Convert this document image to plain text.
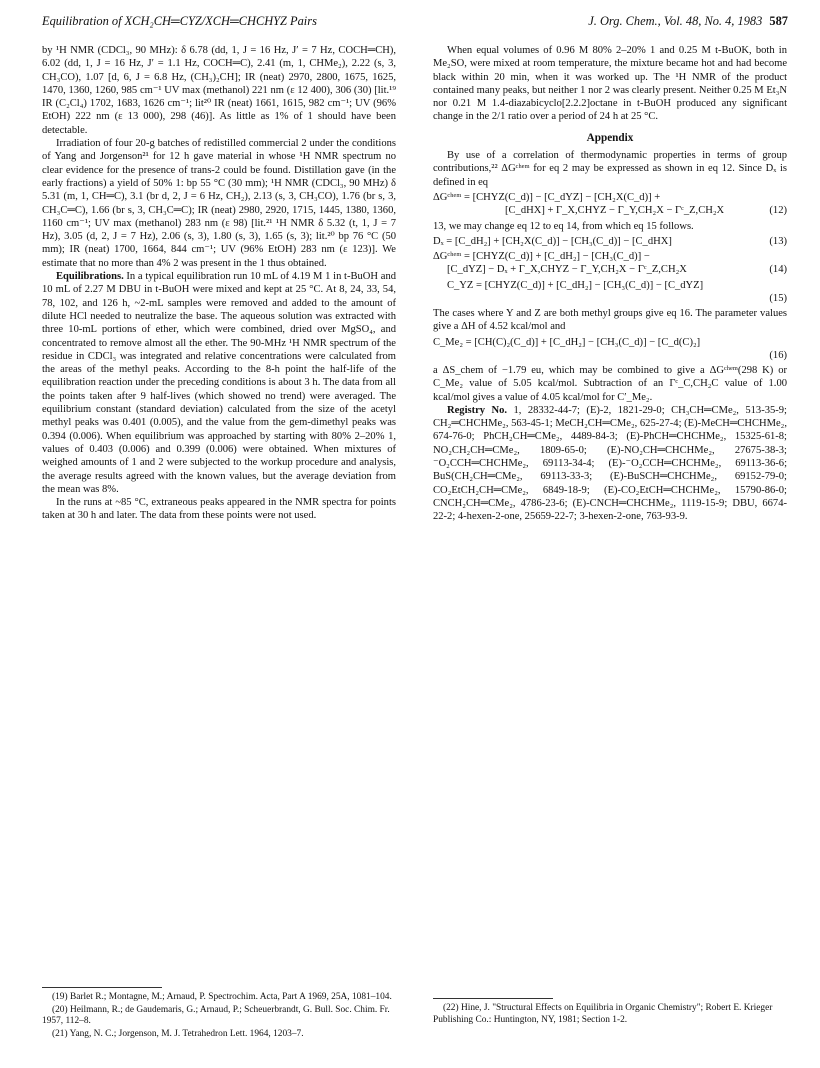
Equilibration of XCH₂CH═CYZ/XCH═CHCHYZ Pairs	J. Org. Chem., Vol. 48, No. 4, 1983 587

by ¹H NMR (CDCl₃, 90 MHz): δ 6.78 (dd, 1, J = 16 Hz, J′ = 7 Hz, COCH═CH), 6.02 (dd, 1, J = 16 Hz, J′ = 1.1 Hz, COCH═C), 2.41 (m, 1, CHMe₂), 2.22 (s, 3, CH₃CO), 1.07 [d, 6, J = 6.8 Hz, (CH₃)₂CH]; IR (neat) 2970, 2800, 1675, 1625, 1470, 1360, 1260, 985 cm⁻¹ UV max (methanol) 221 nm (ε 12 400), 306 (30) [lit.¹⁹ IR (C₂Cl₄) 1702, 1683, 1626 cm⁻¹; lit²⁰ IR (neat) 1661, 1615, 982 cm⁻¹; UV (96% EtOH) 222 nm (ε 13 000), 298 (46)]. As little as 1% of 1 should have been detectable.

Irradiation of four 20-g batches of redistilled commercial 2 under the conditions of Yang and Jorgenson²¹ for 12 h gave material in whose ¹H NMR spectrum no clear evidence for the presence of trans-2 could be found. Distillation gave (in the early fractions) a yield of 50% 1: bp 55 °C (30 mm); ¹H NMR (CDCl₃, 90 MHz) δ 5.31 (m, 1, CH═C), 3.1 (br d, 2, J = 6 Hz, CH₂), 2.13 (s, 3, CH₃CO), 1.76 (br s, 3, CH₃C═C), 1.66 (br s, 3, CH₃C═C); IR (neat) 2980, 2920, 1715, 1445, 1380, 1360, 1160 cm⁻¹; UV max (methanol) 283 nm (ε 98) [lit.²¹ ¹H NMR δ 5.32 (t, 1, J = 7 Hz), 3.05 (d, 2, J = 7 Hz), 2.06 (s, 3), 1.80 (s, 3), 1.65 (s, 3); lit.²⁰ bp 76 °C (50 mm); IR (neat) 1700, 1664, 844 cm⁻¹; UV (96% EtOH) 283 nm (ε 123)]. We estimate that no more than 4% 2 was present in the 1 thus obtained.

Equilibrations. In a typical equilibration run 10 mL of 4.19 M 1 in t-BuOH and 10 mL of 2.27 M DBU in t-BuOH were mixed and kept at 25 °C. At 8, 24, 33, 54, 78, 102, and 126 h, ~2-mL samples were removed and added to the amount of dilute HCl needed to neutralize the base. The aqueous solution was extracted with three 10-mL portions of ether, which were combined, dried over MgSO₄, and concentrated to remove almost all the ether. The 90-MHz ¹H NMR spectrum of the residue in CDCl₃ was integrated and relative concentrations were calculated from the areas of the methyl peaks. According to the 8-h point the half-life of the equilibration reaction under the preceding conditions is about 3 h. The data from all the points taken after 9 half-lives (which showed no trend) were averaged. The equilibrium constant (standard deviation) calculated from the size of the acetyl methyl peaks was 0.401 (0.005), and the value from the gem-dimethyl peaks was 0.394 (0.006). When equilibrium was approached by starting with 80% 2–20% 1, values of 0.403 (0.006) and 0.399 (0.006) were obtained. When mixtures of weighed amounts of 1 and 2 were subjected to the workup procedure and analysis, the average results agreed with the known values, but the average deviation from the mean was 8%.

In the runs at ~85 °C, extraneous peaks appeared in the NMR spectra for points taken at 30 h and later. The data from these points were not used.

(19) Barlet R.; Montagne, M.; Arnaud, P. Spectrochim. Acta, Part A 1969, 25A, 1081–104.

(20) Heilmann, R.; de Gaudemaris, G.; Arnaud, P.; Scheuerbrandt, G. Bull. Soc. Chim. Fr. 1957, 112–8.

(21) Yang, N. C.; Jorgenson, M. J. Tetrahedron Lett. 1964, 1203–7.

When equal volumes of 0.96 M 80% 2–20% 1 and 0.25 M t-BuOK, both in Me₂SO, were mixed at room temperature, the mixture became hot and had become black within 20 min, when it was worked up. The ¹H NMR of the product contained many peaks, but neither 1 nor 2 was clearly present. Neither 0.25 M Et₃N nor 0.21 M 1.4-diazabicyclo[2.2.2]octane in t-BuOH produced any significant change in the 2/1 ratio over a period of 24 h at 25 °C.

Appendix

By use of a correlation of thermodynamic properties in terms of group contributions,²² ΔGᶜʰᵉᵐ for eq 2 may be expressed as shown in eq 12. Since Dₓ is defined in eq

ΔGᶜʰᵉᵐ = [CHYZ(C_d)] − [C_dYZ] − [CH₂X(C_d)] +
[C_dHX] + Γ_X,CHYZ − Γ_Y,CH₂X − Γᶜ_Z,CH₂X	(12)

13, we may change eq 12 to eq 14, from which eq 15 follows.

Dₓ = [C_dH₂] + [CH₂X(C_d)] − [CH₃(C_d)] − [C_dHX]	(13)
ΔGᶜʰᵉᵐ = [CHYZ(C_d)] + [C_dH₂] − [CH₃(C_d)] −
[C_dYZ] − Dₓ + Γ_X,CHYZ − Γ_Y,CH₂X − Γᶜ_Z,CH₂X	(14)
C_YZ = [CHYZ(C_d)] + [C_dH₂] − [CH₃(C_d)] − [C_dYZ]
(15)

The cases where Y and Z are both methyl groups give eq 16. The parameter values give a ΔH of 4.52 kcal/mol and

C_Me₂ = [CH(C)₂(C_d)] + [C_dH₂] − [CH₃(C_d)] − [C_d(C)₂]
(16)

a ΔS_chem of −1.79 eu, which may be combined to give a ΔGᶜʰᵉᵐ(298 K) or C_Me₂ value of 5.05 kcal/mol. Subtraction of an Γᶜ_C,CH₂C value of 1.00 kcal/mol gives a value of 4.05 kcal/mol for C′_Me₂.

Registry No. 1, 28332-44-7; (E)-2, 1821-29-0; CH₃CH═CMe₂, 513-35-9; CH₂═CHCHMe₂, 563-45-1; MeCH₂CH═CMe₂, 625-27-4; (E)-MeCH═CHCHMe₂, 674-76-0; PhCH₂CH═CMe₂, 4489-84-3; (E)-PhCH═CHCHMe₂, 15325-61-8; NO₂CH₂CH═CMe₂, 1809-65-0; (E)-NO₂CH═CHCHMe₂, 27675-38-3; ⁻O₂CCH═CHCHMe₂, 69113-34-4; (E)-⁻O₂CCH═CHCHMe₂, 69113-36-6; BuS(CH₂CH═CMe₂, 69113-33-3; (E)-BuSCH═CHCHMe₂, 69152-79-0; CO₂EtCH₂CH═CMe₂, 6849-18-9; (E)-CO₂EtCH═CHCHMe₂, 15790-86-0; CNCH₂CH═CMe₂, 4786-23-6; (E)-CNCH═CHCHMe₂, 1119-15-9; DBU, 6674-22-2; 4-hexen-2-one, 25659-22-7; 3-hexen-2-one, 763-93-9.

(22) Hine, J. "Structural Effects on Equilibria in Organic Chemistry"; Robert E. Krieger Publishing Co.: Huntington, NY, 1981; Section 1-2.
